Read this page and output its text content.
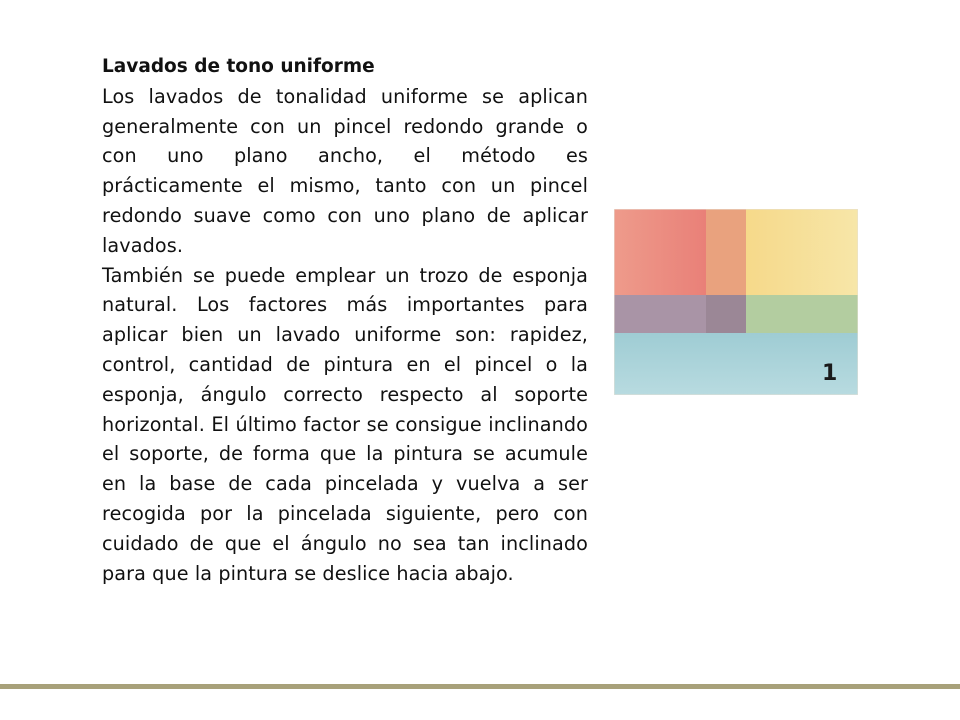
Lavados de tono uniforme

Los lavados de tonalidad uniforme se aplican generalmente con un pincel redondo grande o con uno plano ancho, el método es prácticamente el mismo, tanto con un pincel redondo suave como con uno plano de aplicar lavados.

También se puede emplear un trozo de esponja natural. Los factores más importantes para aplicar bien un lavado uniforme son: rapidez, control, cantidad de pintura en el pincel o la esponja, ángulo correcto respecto al soporte horizontal. El último factor se consigue inclinando el soporte, de forma que la pintura se acumule en la base de cada pincelada y vuelva a ser recogida por la pincelada siguiente, pero con cuidado de que el ángulo no sea tan inclinado para que la pintura se deslice hacia abajo.

1
